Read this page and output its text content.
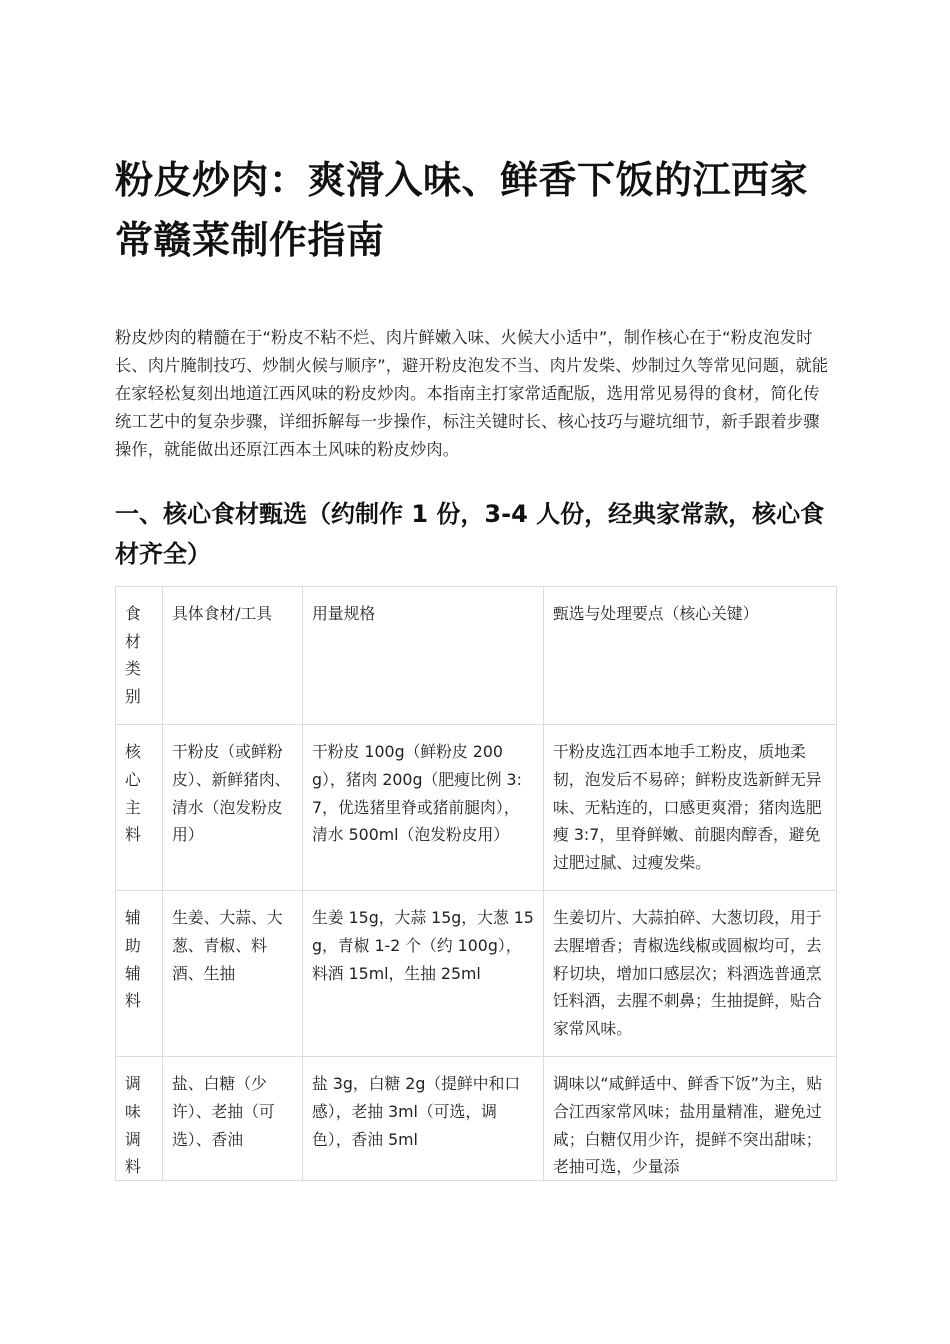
粉皮炒肉：爽滑入味、鲜香下饭的江西家常赣菜制作指南

粉皮炒肉的精髓在于“粉皮不粘不烂、肉片鲜嫩入味、火候大小适中”，制作核心在于“粉皮泡发时长、肉片腌制技巧、炒制火候与顺序”，避开粉皮泡发不当、肉片发柴、炒制过久等常见问题，就能在家轻松复刻出地道江西风味的粉皮炒肉。本指南主打家常适配版，选用常见易得的食材，简化传统工艺中的复杂步骤，详细拆解每一步操作，标注关键时长、核心技巧与避坑细节，新手跟着步骤操作，就能做出还原江西本土风味的粉皮炒肉。

一、核心食材甄选（约制作 1 份，3-4 人份，经典家常款，核心食材齐全）
食材类别	具体食材/工具	用量规格	甄选与处理要点（核心关键）
核心主料	干粉皮（或鲜粉皮）、新鲜猪肉、清水（泡发粉皮用）	干粉皮 100g（鲜粉皮 200g），猪肉 200g（肥瘦比例 3:7，优选猪里脊或猪前腿肉），清水 500ml（泡发粉皮用）	干粉皮选江西本地手工粉皮，质地柔韧，泡发后不易碎；鲜粉皮选新鲜无异味、无粘连的，口感更爽滑；猪肉选肥瘦 3:7，里脊鲜嫩、前腿肉醇香，避免过肥过腻、过瘦发柴。
辅助辅料	生姜、大蒜、大葱、青椒、料酒、生抽	生姜 15g，大蒜 15g，大葱 15g，青椒 1-2 个（约 100g），料酒 15ml，生抽 25ml	生姜切片、大蒜拍碎、大葱切段，用于去腥增香；青椒选线椒或圆椒均可，去籽切块，增加口感层次；料酒选普通烹饪料酒，去腥不刺鼻；生抽提鲜，贴合家常风味。

调味调料	盐、白糖（少许）、老抽（可选）、香油	盐 3g，白糖 2g（提鲜中和口感），老抽 3ml（可选，调色），香油 5ml	调味以“咸鲜适中、鲜香下饭”为主，贴合江西家常风味；盐用量精准，避免过咸；白糖仅用少许，提鲜不突出甜味；老抽可选，少量添
